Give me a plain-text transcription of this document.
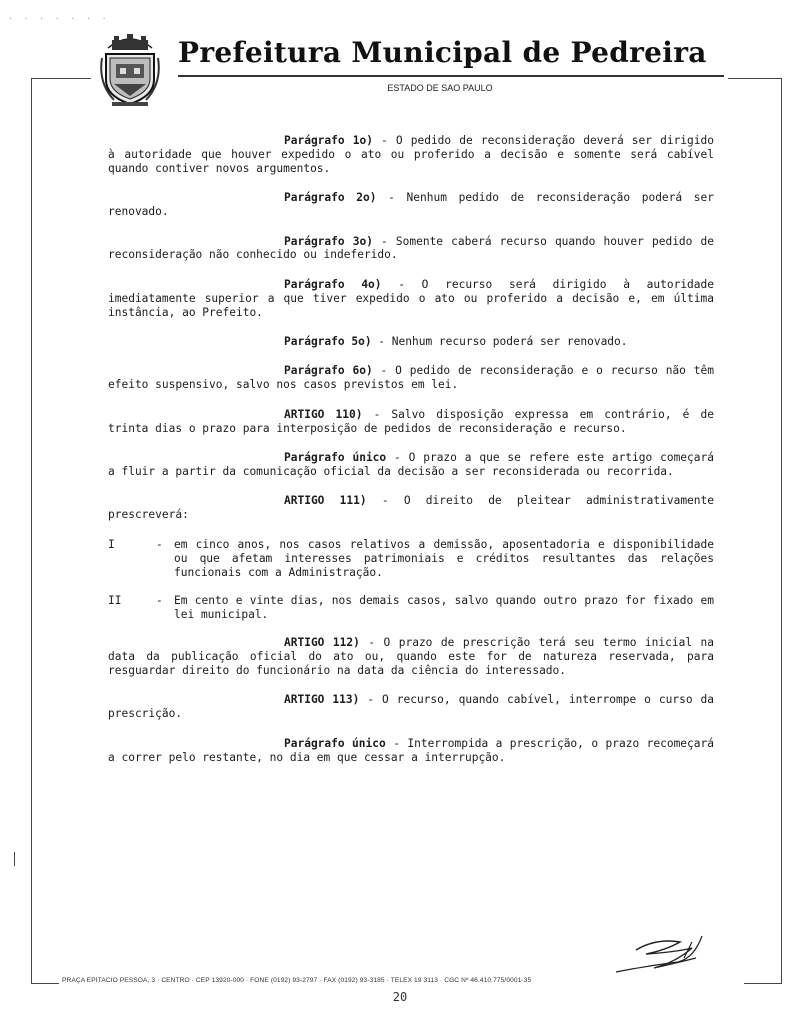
. . . . . . .
Prefeitura Municipal de Pedreira
ESTADO DE SAO PAULO

Parágrafo 1o) - O pedido de reconsideração deverá ser dirigido à autoridade que houver expedido o ato ou proferido a decisão e somente será cabível quando contiver novos argumentos.

Parágrafo 2o) - Nenhum pedido de reconsideração poderá ser renovado.

Parágrafo 3o) - Somente caberá recurso quando houver pedido de reconsideração não conhecido ou indeferido.

Parágrafo 4o) - O recurso será dirigido à autoridade imediatamente superior a que tiver expedido o ato ou proferido a decisão e, em última instância, ao Prefeito.

Parágrafo 5o) - Nenhum recurso poderá ser renovado.

Parágrafo 6o) - O pedido de reconsideração e o recurso não têm efeito suspensivo, salvo nos casos previstos em lei.

ARTIGO 110) - Salvo disposição expressa em contrário, é de trinta dias o prazo para interposição de pedidos de reconsideração e recurso.

Parágrafo único - O prazo a que se refere este artigo começará a fluir a partir da comunicação oficial da decisão a ser reconsiderada ou recorrida.

ARTIGO 111) - O direito de pleitear administrativamente prescreverá:

I	- em cinco anos, nos casos relativos a demissão, aposentadoria e disponibilidade ou que afetam interesses patrimoniais e créditos resultantes das relações funcionais com a Administração.
II	- Em cento e vinte dias, nos demais casos, salvo quando outro prazo for fixado em lei municipal.

ARTIGO 112) - O prazo de prescrição terá seu termo inicial na data da publicação oficial do ato ou, quando este for de natureza reservada, para resguardar direito do funcionário na data da ciência do interessado.

ARTIGO 113) - O recurso, quando cabível, interrompe o curso da prescrição.

Parágrafo único - Interrompida a prescrição, o prazo recomeçará a correr pelo restante, no dia em que cessar a interrupção.

PRAÇA EPITACIO PESSOA, 3 · CENTRO · CEP 13920-000 · FONE (0192) 93-2797 · FAX (0192) 93-3185 · TELEX 19 3113 · CGC Nº 46.410.775/0001-35
20
